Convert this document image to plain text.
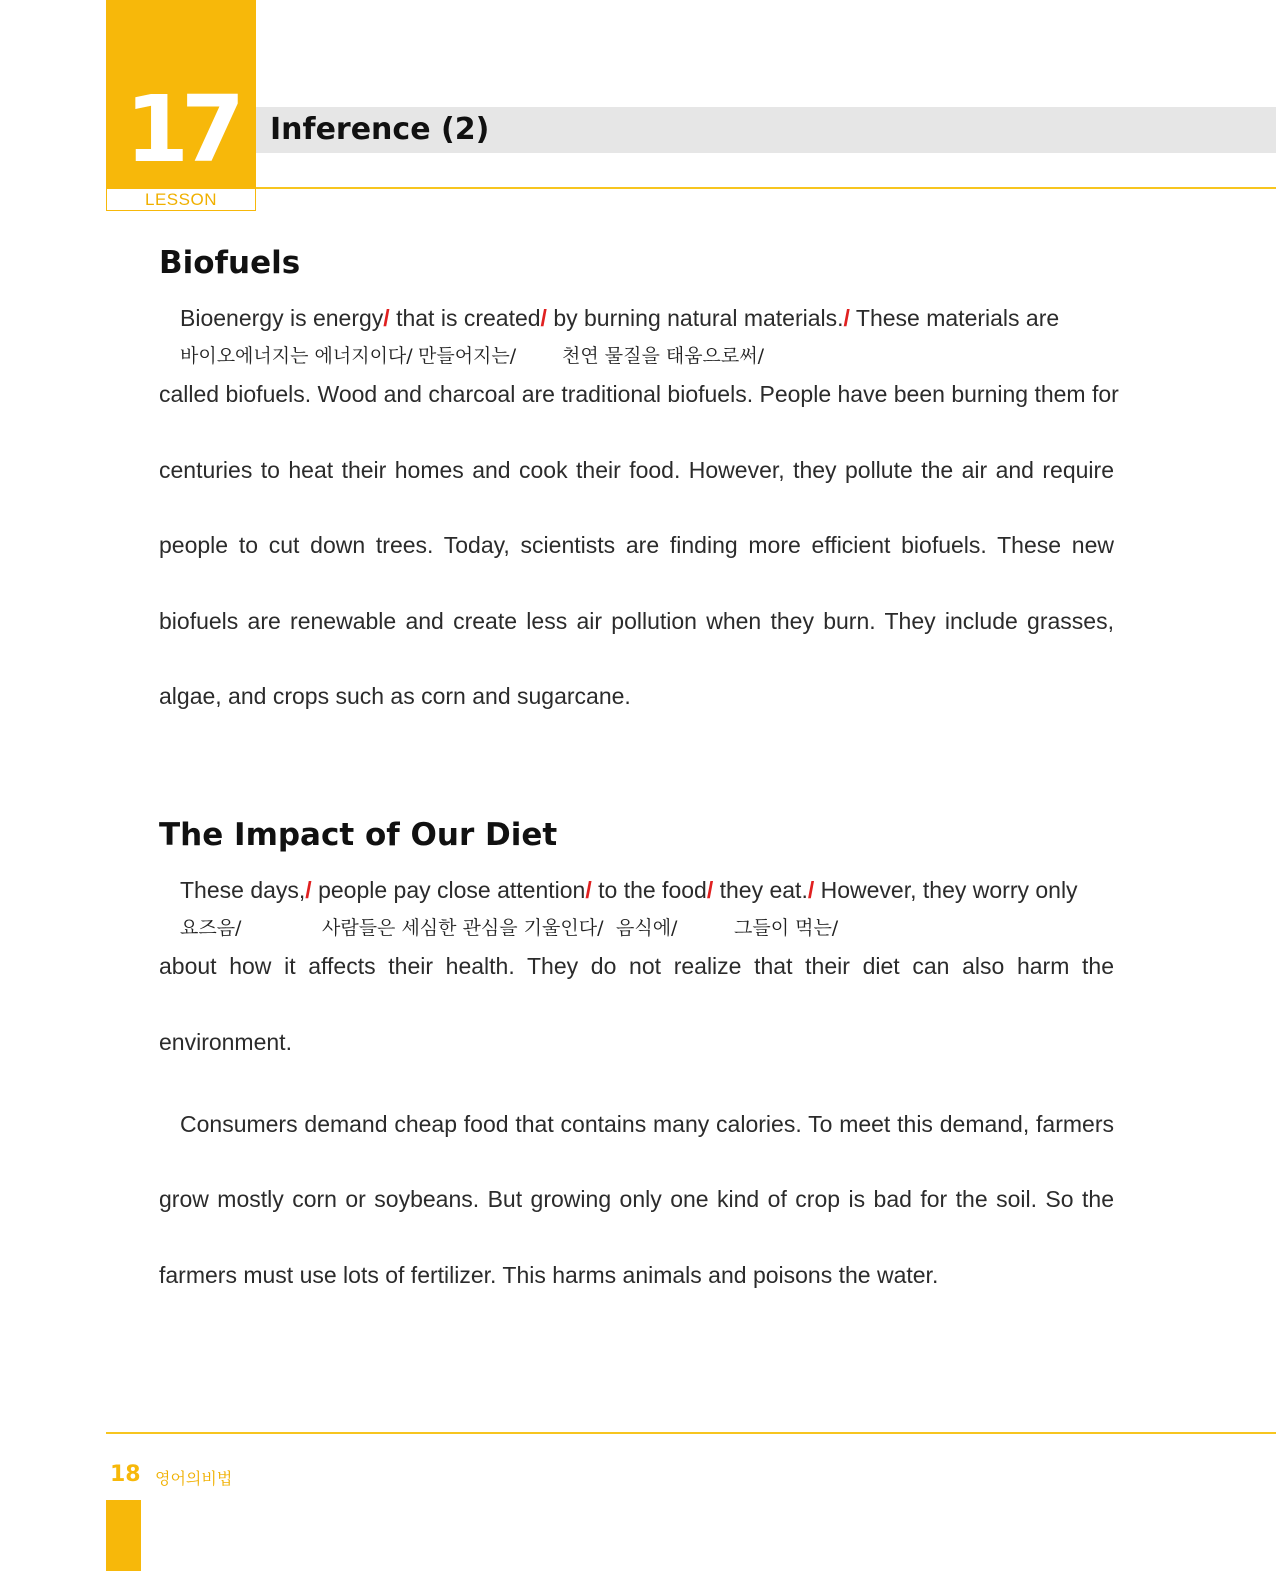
17
LESSON
Inference (2)
Biofuels
Bioenergy is energy/ that is created/ by burning natural materials./ These materials are
바이오에너지는 에너지이다/ 만들어지는/ 천연 물질을 태움으로써/
called biofuels. Wood and charcoal are traditional biofuels. People have been burning them for
centuries to heat their homes and cook their food. However, they pollute the air and require
people to cut down trees. Today, scientists are finding more efficient biofuels. These new
biofuels are renewable and create less air pollution when they burn. They include grasses,
algae, and crops such as corn and sugarcane.
The Impact of Our Diet
These days,/ people pay close attention/ to the food/ they eat./ However, they worry only
요즈음/	사람들은 세심한 관심을 기울인다/ 음식에/	그들이 먹는/
about how it affects their health. They do not realize that their diet can also harm the
environment.
Consumers demand cheap food that contains many calories. To meet this demand, farmers
grow mostly corn or soybeans. But growing only one kind of crop is bad for the soil. So the
farmers must use lots of fertilizer. This harms animals and poisons the water.
18 영어의비법
